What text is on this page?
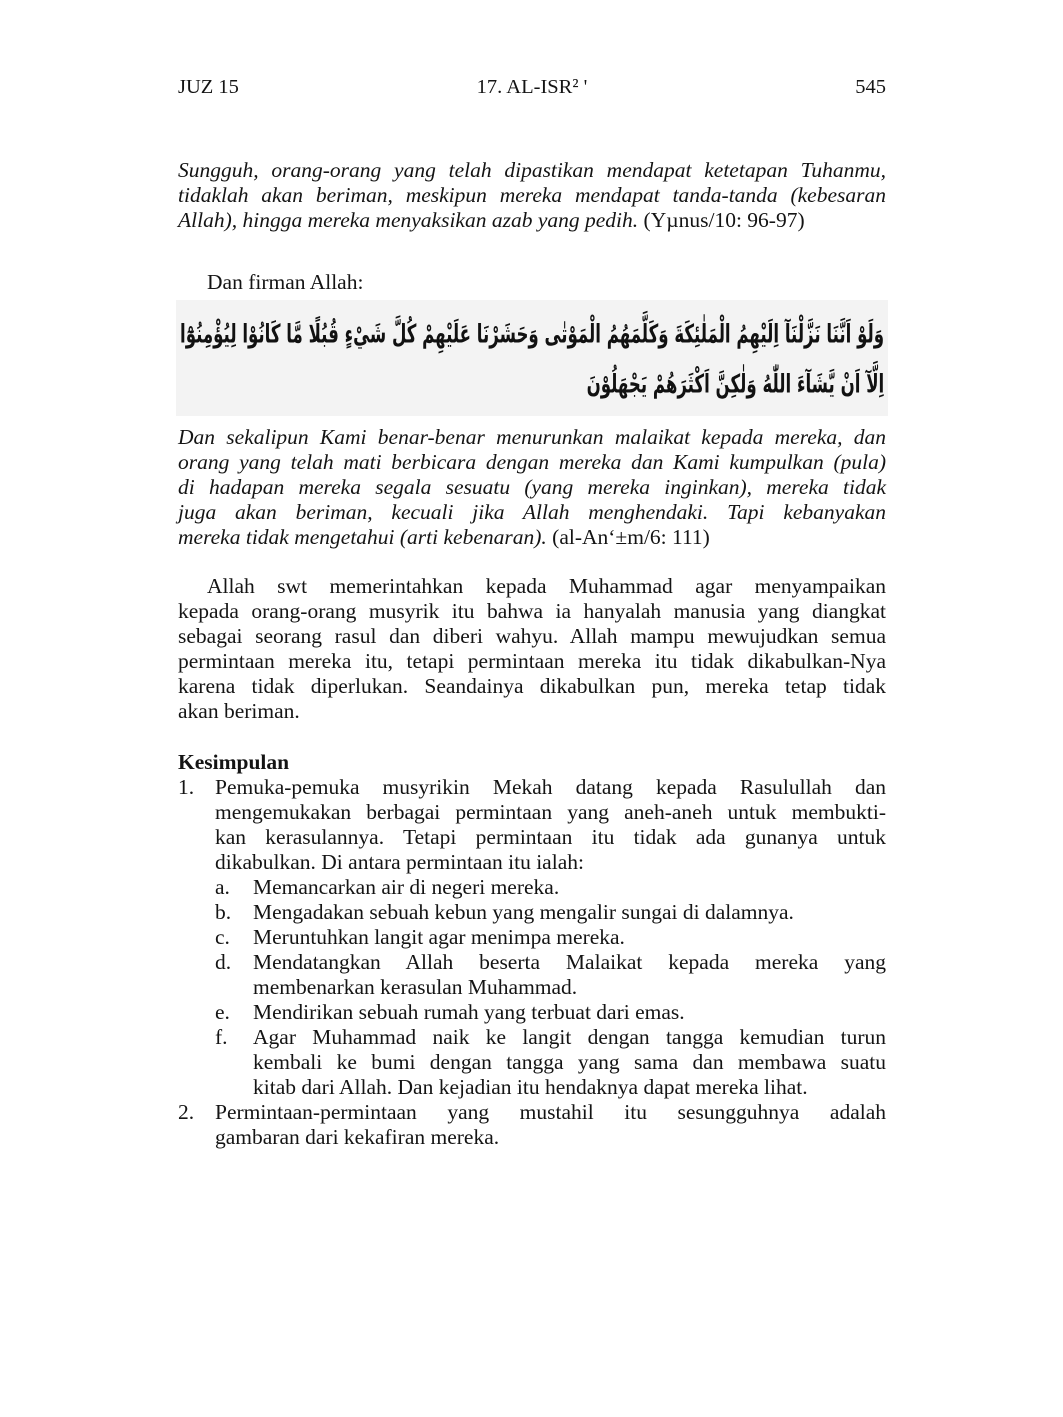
JUZ 15	17. AL-ISR² '	545
Sungguh, orang-orang yang telah dipastikan mendapat ketetapan Tuhanmu,
tidaklah akan beriman, meskipun mereka mendapat tanda-tanda (kebesaran
Allah), hingga mereka menyaksikan azab yang pedih. (Yµnus/10: 96-97)
Dan firman Allah:
وَلَوْ اَنَّنَا نَزَّلْنَآ اِلَيْهِمُ الْمَلٰئِكَةَ وَكَلَّمَهُمُ الْمَوْتٰى وَحَشَرْنَا عَلَيْهِمْ كُلَّ شَيْءٍ قُبُلًا مَّا كَانُوْا لِيُؤْمِنُوْٓا
اِلَّآ اَنْ يَّشَآءَ اللّٰهُ وَلٰكِنَّ اَكْثَرَهُمْ يَجْهَلُوْنَ
Dan sekalipun Kami benar-benar menurunkan malaikat kepada mereka, dan
orang yang telah mati berbicara dengan mereka dan Kami kumpulkan (pula)
di hadapan mereka segala sesuatu (yang mereka inginkan), mereka tidak
juga akan beriman, kecuali jika Allah menghendaki. Tapi kebanyakan
mereka tidak mengetahui (arti kebenaran). (al-An‘±m/6: 111)
Allah swt memerintahkan kepada Muhammad agar menyampaikan
kepada orang-orang musyrik itu bahwa ia hanyalah manusia yang diangkat
sebagai seorang rasul dan diberi wahyu. Allah mampu mewujudkan semua
permintaan mereka itu, tetapi permintaan mereka itu tidak dikabulkan-Nya
karena tidak diperlukan. Seandainya dikabulkan pun, mereka tetap tidak
akan beriman.
Kesimpulan
1. Pemuka-pemuka musyrikin Mekah datang kepada Rasulullah dan
mengemukakan berbagai permintaan yang aneh-aneh untuk membukti-
kan kerasulannya. Tetapi permintaan itu tidak ada gunanya untuk
dikabulkan. Di antara permintaan itu ialah:
a. Memancarkan air di negeri mereka.
b. Mengadakan sebuah kebun yang mengalir sungai di dalamnya.
c. Meruntuhkan langit agar menimpa mereka.
d. Mendatangkan Allah beserta Malaikat kepada mereka yang
membenarkan kerasulan Muhammad.
e. Mendirikan sebuah rumah yang terbuat dari emas.
f. Agar Muhammad naik ke langit dengan tangga kemudian turun
kembali ke bumi dengan tangga yang sama dan membawa suatu
kitab dari Allah. Dan kejadian itu hendaknya dapat mereka lihat.
2. Permintaan-permintaan yang mustahil itu sesungguhnya adalah
gambaran dari kekafiran mereka.
